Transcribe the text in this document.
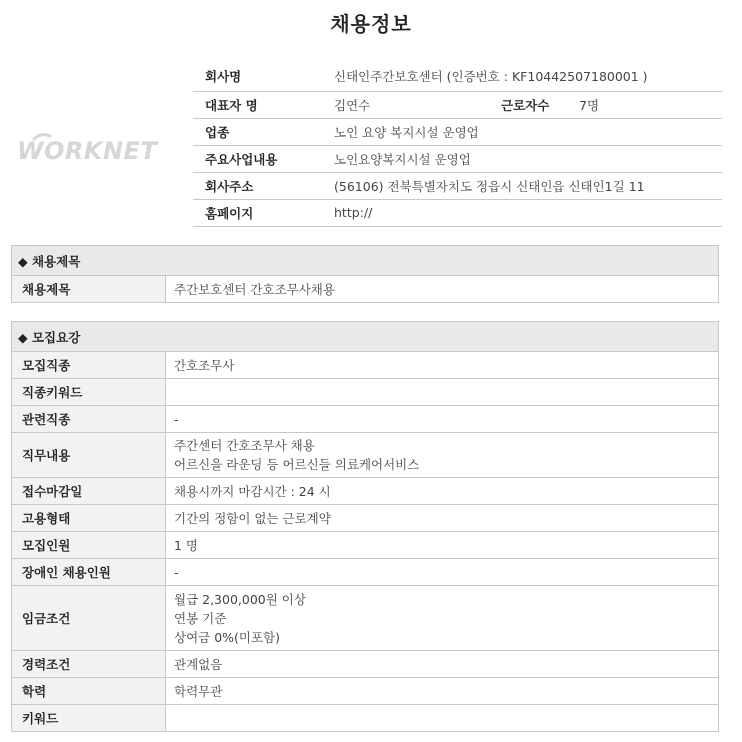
채용정보
WORKNET
회사명	신태인주간보호센터 (인증번호 : KF10442507180001 )		
대표자 명	김연수	근로자수	7명
업종	노인 요양 복지시설 운영업		
주요사업내용	노인요양복지시설 운영업		
회사주소	(56106) 전북특별자치도 정읍시 신태인읍 신태인1길 11		
홈페이지	http://		
◆ 채용제목
채용제목	주간보호센터 간호조무사채용
◆ 모집요강	
모집직종	간호조무사

직종키워드	
관련직종	-

직무내용	주간센터 간호조무사 채용
어르신을 라운딩 등 어르신들 의료케어서비스

접수마감일	채용시까지 마감시간 : 24 시

고용형태	기간의 정함이 없는 근로계약

모집인원	1 명

장애인 채용인원	-

임금조건	월급 2,300,000원 이상
연봉 기준
상여금 0%(미포함)

경력조건	관계없음

학력	학력무관

키워드	
